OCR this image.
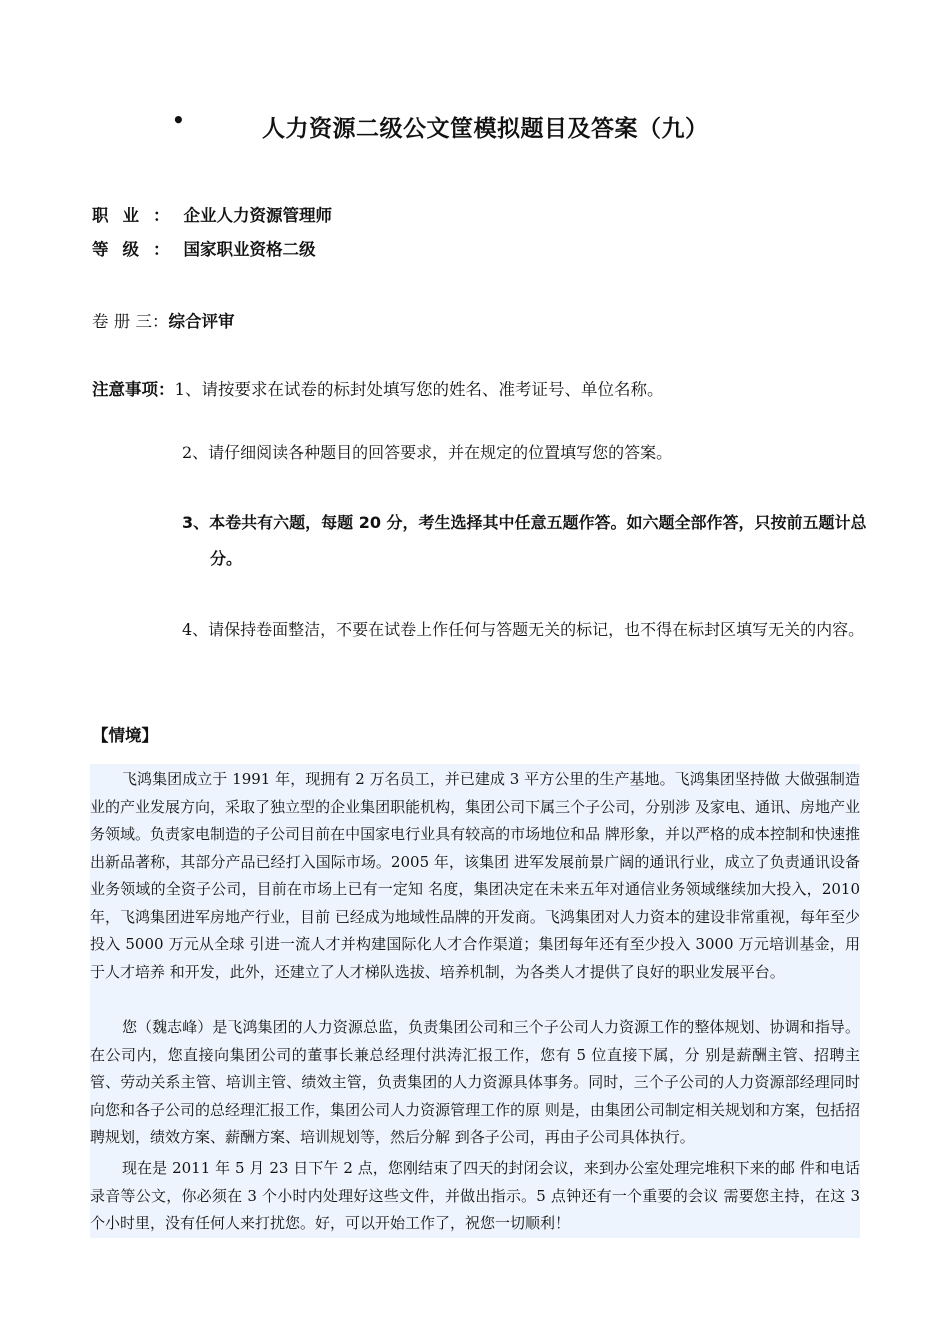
•	人力资源二级公文筐模拟题目及答案（九）
职业：企业人力资源管理师
等级：国家职业资格二级
卷 册 三：综合评审
注意事项：1、请按要求在试卷的标封处填写您的姓名、准考证号、单位名称。
2、请仔细阅读各种题目的回答要求，并在规定的位置填写您的答案。
3、本卷共有六题，每题 20 分，考生选择其中任意五题作答。如六题全部作答，只按前五题计总分。
4、请保持卷面整洁，不要在试卷上作任何与答题无关的标记，也不得在标封区填写无关的内容。
【情境】

飞鸿集团成立于 1991 年，现拥有 2 万名员工，并已建成 3 平方公里的生产基地。飞鸿集团坚持做 大做强制造业的产业发展方向，采取了独立型的企业集团职能机构，集团公司下属三个子公司，分别涉 及家电、通讯、房地产业务领域。负责家电制造的子公司目前在中国家电行业具有较高的市场地位和品 牌形象，并以严格的成本控制和快速推出新品著称，其部分产品已经打入国际市场。2005 年，该集团 进军发展前景广阔的通讯行业，成立了负责通讯设备业务领域的全资子公司，目前在市场上已有一定知 名度，集团决定在未来五年对通信业务领域继续加大投入，2010 年，飞鸿集团进军房地产行业，目前 已经成为地域性品牌的开发商。飞鸿集团对人力资本的建设非常重视，每年至少投入 5000 万元从全球 引进一流人才并构建国际化人才合作渠道；集团每年还有至少投入 3000 万元培训基金，用于人才培养 和开发，此外，还建立了人才梯队选拔、培养机制，为各类人才提供了良好的职业发展平台。

您（魏志峰）是飞鸿集团的人力资源总监，负责集团公司和三个子公司人力资源工作的整体规划、协调和指导。在公司内，您直接向集团公司的董事长兼总经理付洪涛汇报工作，您有 5 位直接下属，分 别是薪酬主管、招聘主管、劳动关系主管、培训主管、绩效主管，负责集团的人力资源具体事务。同时，三个子公司的人力资源部经理同时向您和各子公司的总经理汇报工作，集团公司人力资源管理工作的原 则是，由集团公司制定相关规划和方案，包括招聘规划，绩效方案、薪酬方案、培训规划等，然后分解 到各子公司，再由子公司具体执行。

现在是 2011 年 5 月 23 日下午 2 点，您刚结束了四天的封闭会议，来到办公室处理完堆积下来的邮 件和电话录音等公文，你必须在 3 个小时内处理好这些文件，并做出指示。5 点钟还有一个重要的会议 需要您主持，在这 3 个小时里，没有任何人来打扰您。好，可以开始工作了，祝您一切顺利！
